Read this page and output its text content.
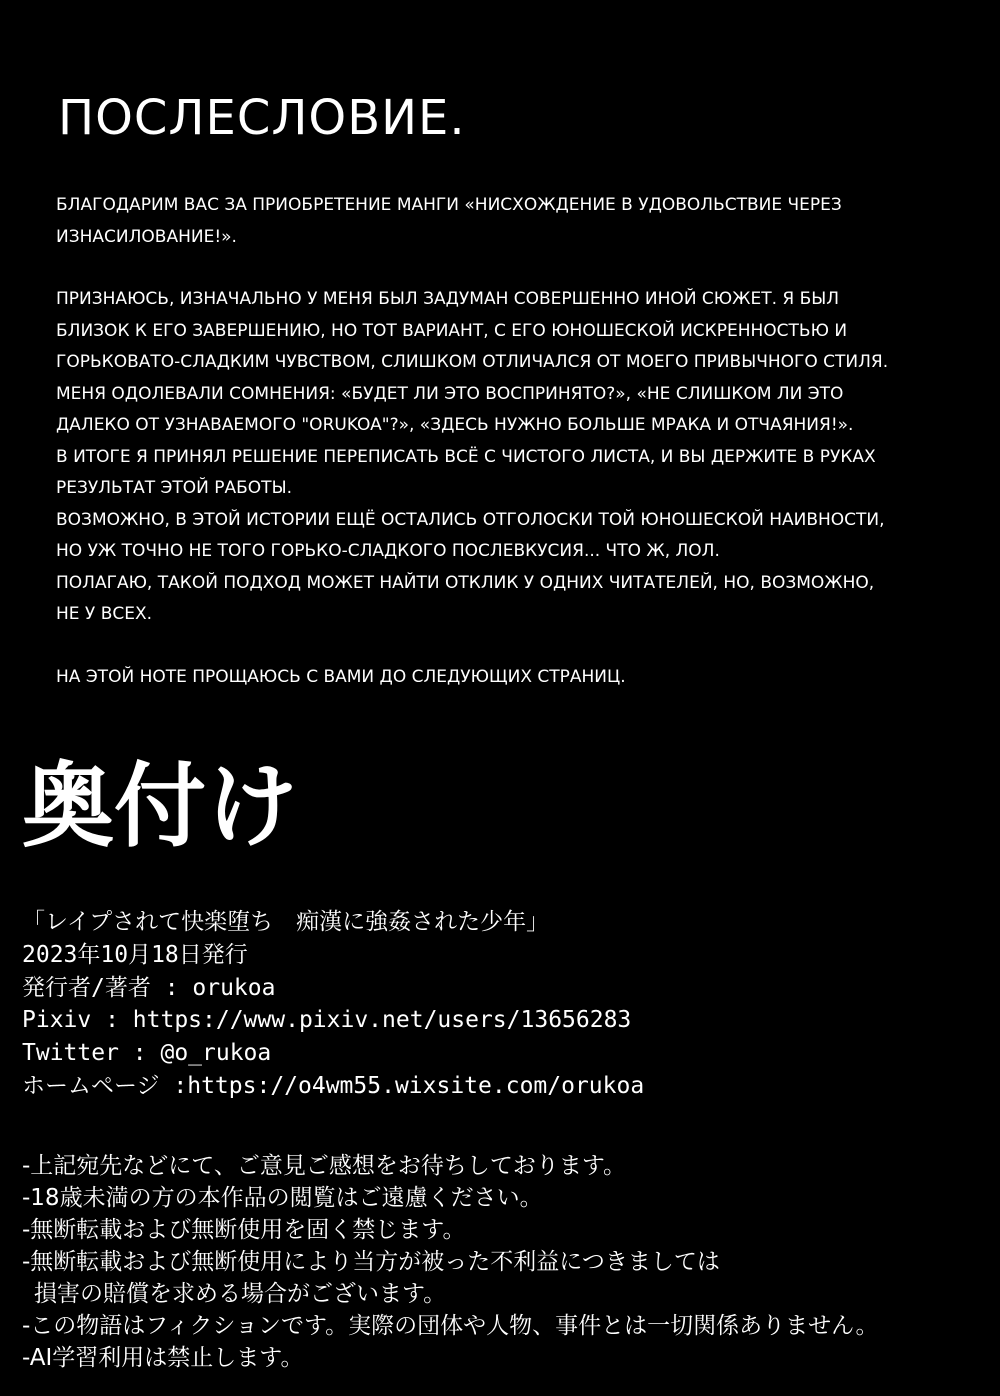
ПОСЛЕСЛОВИЕ.

БЛАГОДАРИМ ВАС ЗА ПРИОБРЕТЕНИЕ МАНГИ «НИСХОЖДЕНИЕ В УДОВОЛЬСТВИЕ ЧЕРЕЗ

ИЗНАСИЛОВАНИЕ!».

ПРИЗНАЮСЬ, ИЗНАЧАЛЬНО У МЕНЯ БЫЛ ЗАДУМАН СОВЕРШЕННО ИНОЙ СЮЖЕТ. Я БЫЛ

БЛИЗОК К ЕГО ЗАВЕРШЕНИЮ, НО ТОТ ВАРИАНТ, С ЕГО ЮНОШЕСКОЙ ИСКРЕННОСТЬЮ И

ГОРЬКОВАТО-СЛАДКИМ ЧУВСТВОМ, СЛИШКОМ ОТЛИЧАЛСЯ ОТ МОЕГО ПРИВЫЧНОГО СТИЛЯ.

МЕНЯ ОДОЛЕВАЛИ СОМНЕНИЯ: «БУДЕТ ЛИ ЭТО ВОСПРИНЯТО?», «НЕ СЛИШКОМ ЛИ ЭТО

ДАЛЕКО ОТ УЗНАВАЕМОГО "ORUKOA"?», «ЗДЕСЬ НУЖНО БОЛЬШЕ МРАКА И ОТЧАЯНИЯ!».

В ИТОГЕ Я ПРИНЯЛ РЕШЕНИЕ ПЕРЕПИСАТЬ ВСЁ С ЧИСТОГО ЛИСТА, И ВЫ ДЕРЖИТЕ В РУКАХ

РЕЗУЛЬТАТ ЭТОЙ РАБОТЫ.

ВОЗМОЖНО, В ЭТОЙ ИСТОРИИ ЕЩЁ ОСТАЛИСЬ ОТГОЛОСКИ ТОЙ ЮНОШЕСКОЙ НАИВНОСТИ,

НО УЖ ТОЧНО НЕ ТОГО ГОРЬКО-СЛАДКОГО ПОСЛЕВКУСИЯ... ЧТО Ж, ЛОЛ.

ПОЛАГАЮ, ТАКОЙ ПОДХОД МОЖЕТ НАЙТИ ОТКЛИК У ОДНИХ ЧИТАТЕЛЕЙ, НО, ВОЗМОЖНО,

НЕ У ВСЕХ.

НА ЭТОЙ НОТЕ ПРОЩАЮСЬ С ВАМИ ДО СЛЕДУЮЩИХ СТРАНИЦ.

奥付け
「レイプされて快楽堕ち　痴漢に強姦された少年」
2023年10月18日発行
発行者/著者 : orukoa
Pixiv : https://www.pixiv.net/users/13656283
Twitter : @o_rukoa
ホームページ :https://o4wm55.wixsite.com/orukoa
-上記宛先などにて、ご意見ご感想をお待ちしております。
-18歳未満の方の本作品の閲覧はご遠慮ください。
-無断転載および無断使用を固く禁じます。
-無断転載および無断使用により当方が被った不利益につきましては
損害の賠償を求める場合がございます。
-この物語はフィクションです。実際の団体や人物、事件とは一切関係ありません。
-AI学習利用は禁止します。
